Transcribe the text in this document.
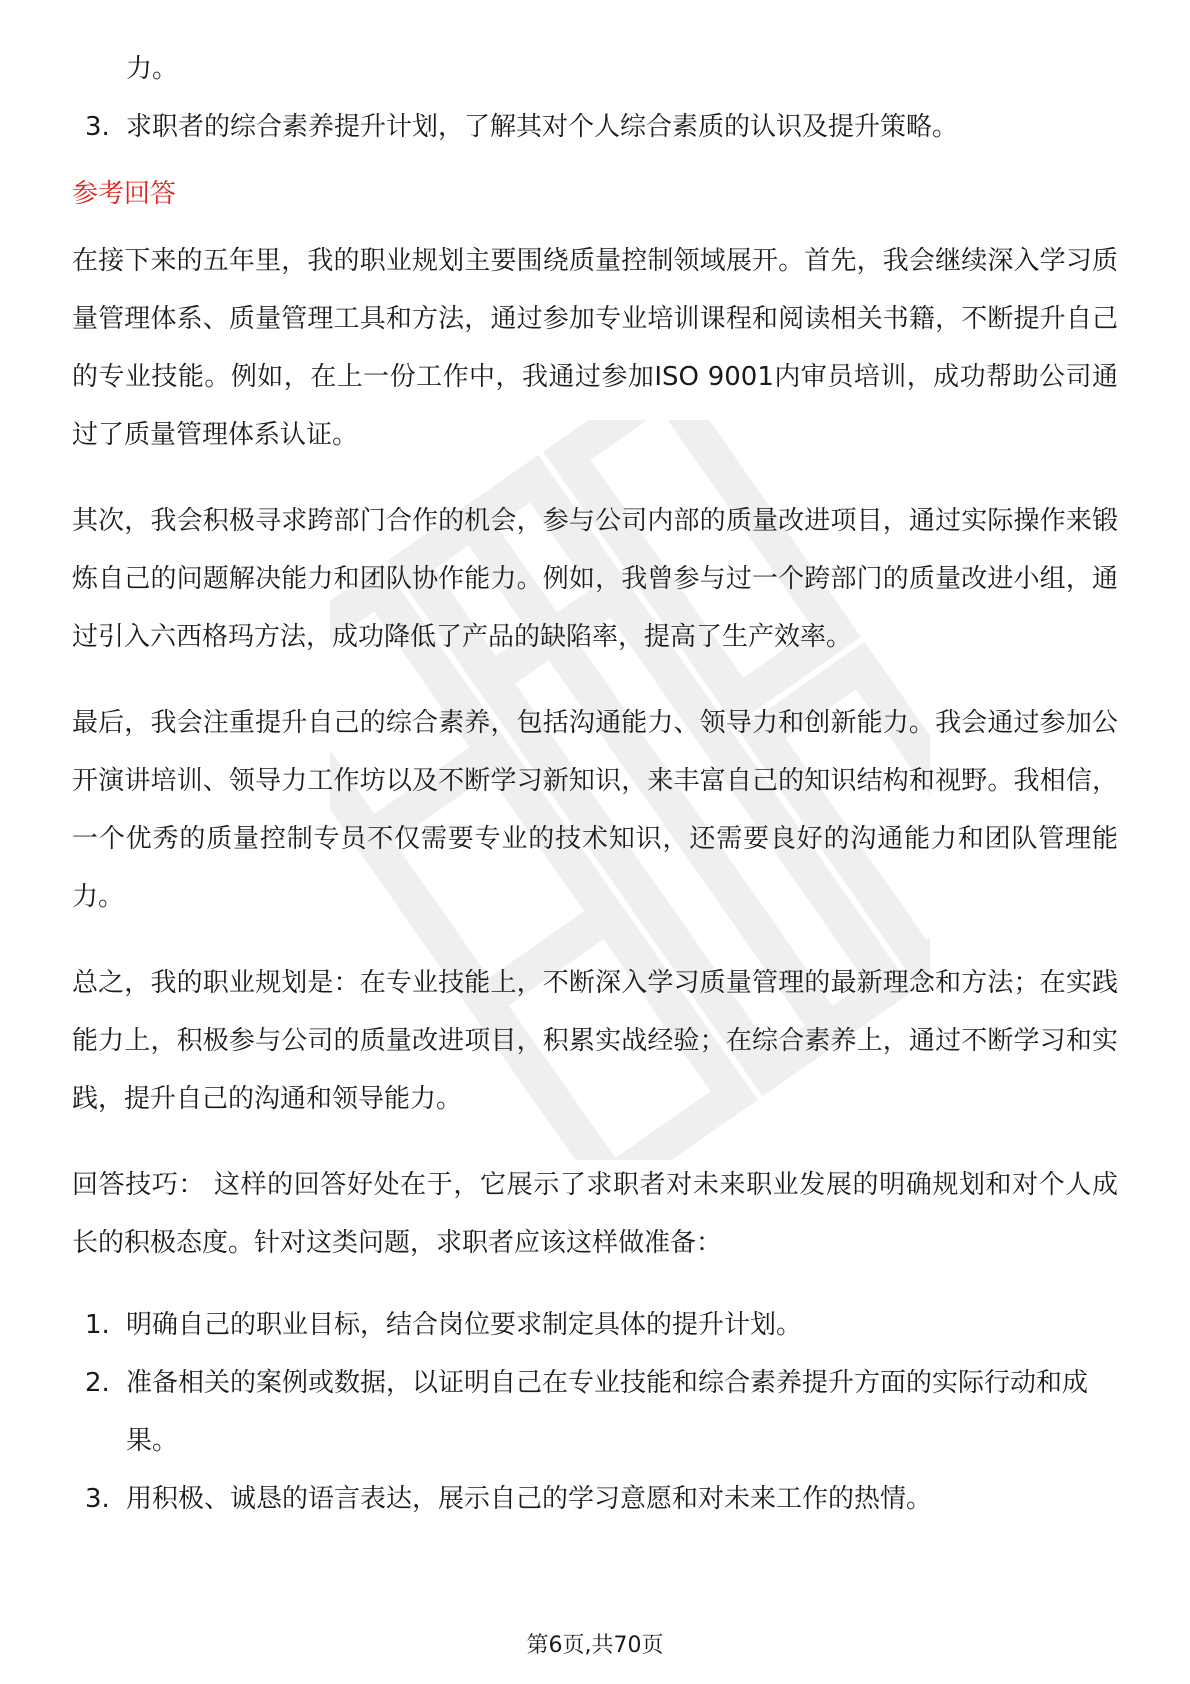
力。
3. 求职者的综合素养提升计划，了解其对个人综合素质的认识及提升策略。
参考回答

在接下来的五年里，我的职业规划主要围绕质量控制领域展开。首先，我会继续深入学习质量管理体系、质量管理工具和方法，通过参加专业培训课程和阅读相关书籍，不断提升自己的专业技能。例如，在上一份工作中，我通过参加ISO 9001内审员培训，成功帮助公司通过了质量管理体系认证。

其次，我会积极寻求跨部门合作的机会，参与公司内部的质量改进项目，通过实际操作来锻炼自己的问题解决能力和团队协作能力。例如，我曾参与过一个跨部门的质量改进小组，通过引入六西格玛方法，成功降低了产品的缺陷率，提高了生产效率。

最后，我会注重提升自己的综合素养，包括沟通能力、领导力和创新能力。我会通过参加公开演讲培训、领导力工作坊以及不断学习新知识，来丰富自己的知识结构和视野。我相信，一个优秀的质量控制专员不仅需要专业的技术知识，还需要良好的沟通能力和团队管理能力。

总之，我的职业规划是：在专业技能上，不断深入学习质量管理的最新理念和方法；在实践能力上，积极参与公司的质量改进项目，积累实战经验；在综合素养上，通过不断学习和实践，提升自己的沟通和领导能力。

回答技巧： 这样的回答好处在于，它展示了求职者对未来职业发展的明确规划和对个人成长的积极态度。针对这类问题，求职者应该这样做准备：

1. 明确自己的职业目标，结合岗位要求制定具体的提升计划。
2. 准备相关的案例或数据，以证明自己在专业技能和综合素养提升方面的实际行动和成果。
3. 用积极、诚恳的语言表达，展示自己的学习意愿和对未来工作的热情。
第6页,共70页
